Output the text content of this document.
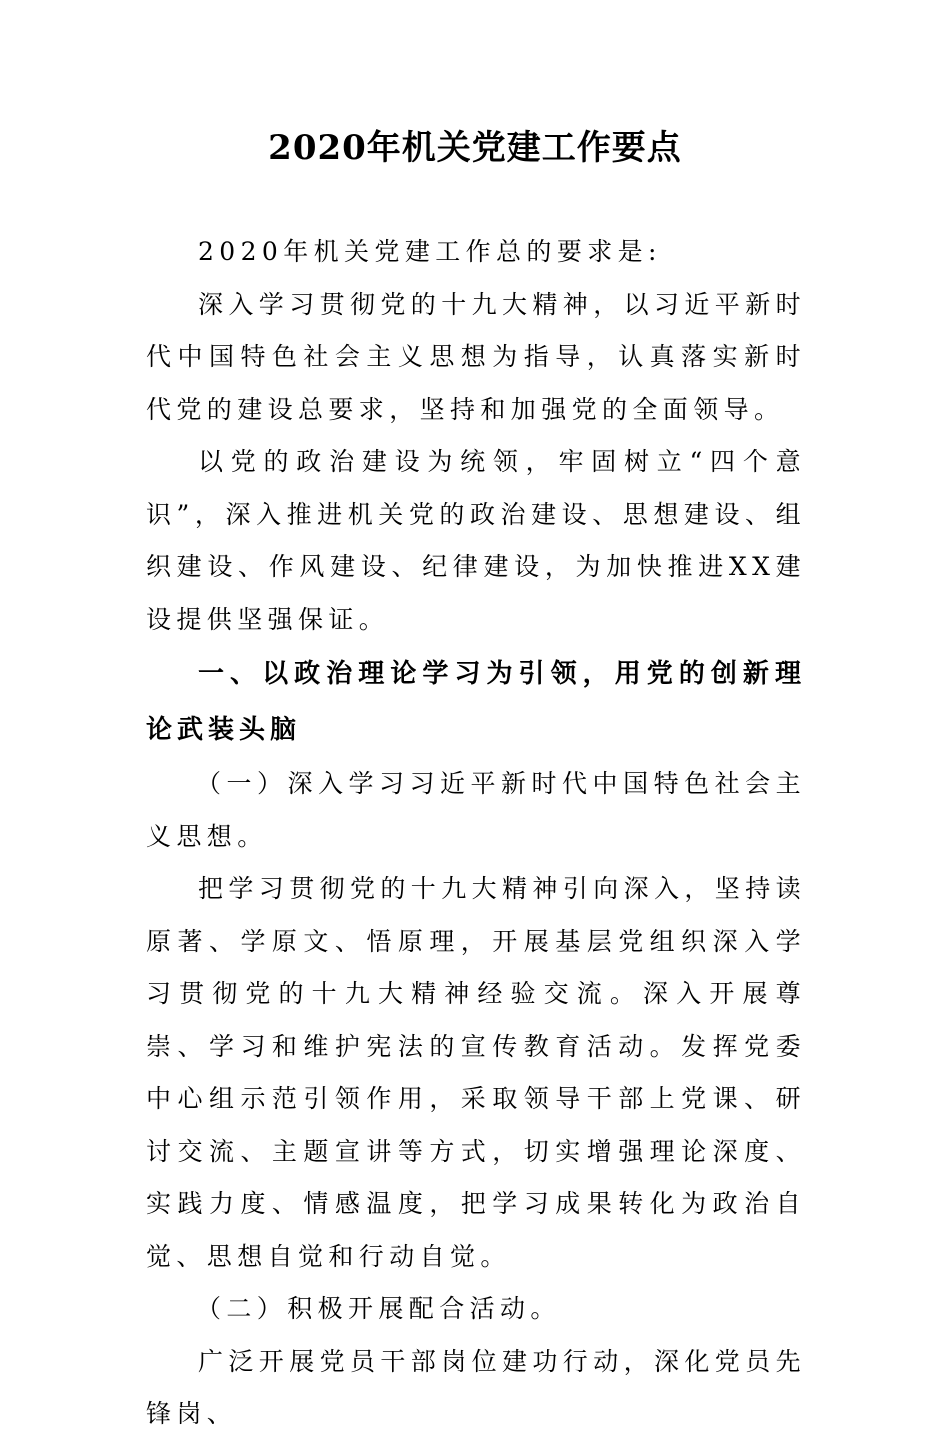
2020年机关党建工作要点

2020年机关党建工作总的要求是:

深入学习贯彻党的十九大精神，以习近平新时代中国特色社会主义思想为指导，认真落实新时代党的建设总要求，坚持和加强党的全面领导。

以党的政治建设为统领，牢固树立“四个意识”，深入推进机关党的政治建设、思想建设、组织建设、作风建设、纪律建设，为加快推进XX建设提供坚强保证。

一、以政治理论学习为引领，用党的创新理论武装头脑

（一）深入学习习近平新时代中国特色社会主义思想。

把学习贯彻党的十九大精神引向深入，坚持读原著、学原文、悟原理，开展基层党组织深入学习贯彻党的十九大精神经验交流。深入开展尊崇、学习和维护宪法的宣传教育活动。发挥党委中心组示范引领作用，采取领导干部上党课、研讨交流、主题宣讲等方式，切实增强理论深度、实践力度、情感温度，把学习成果转化为政治自觉、思想自觉和行动自觉。

（二）积极开展配合活动。

广泛开展党员干部岗位建功行动，深化党员先锋岗、
